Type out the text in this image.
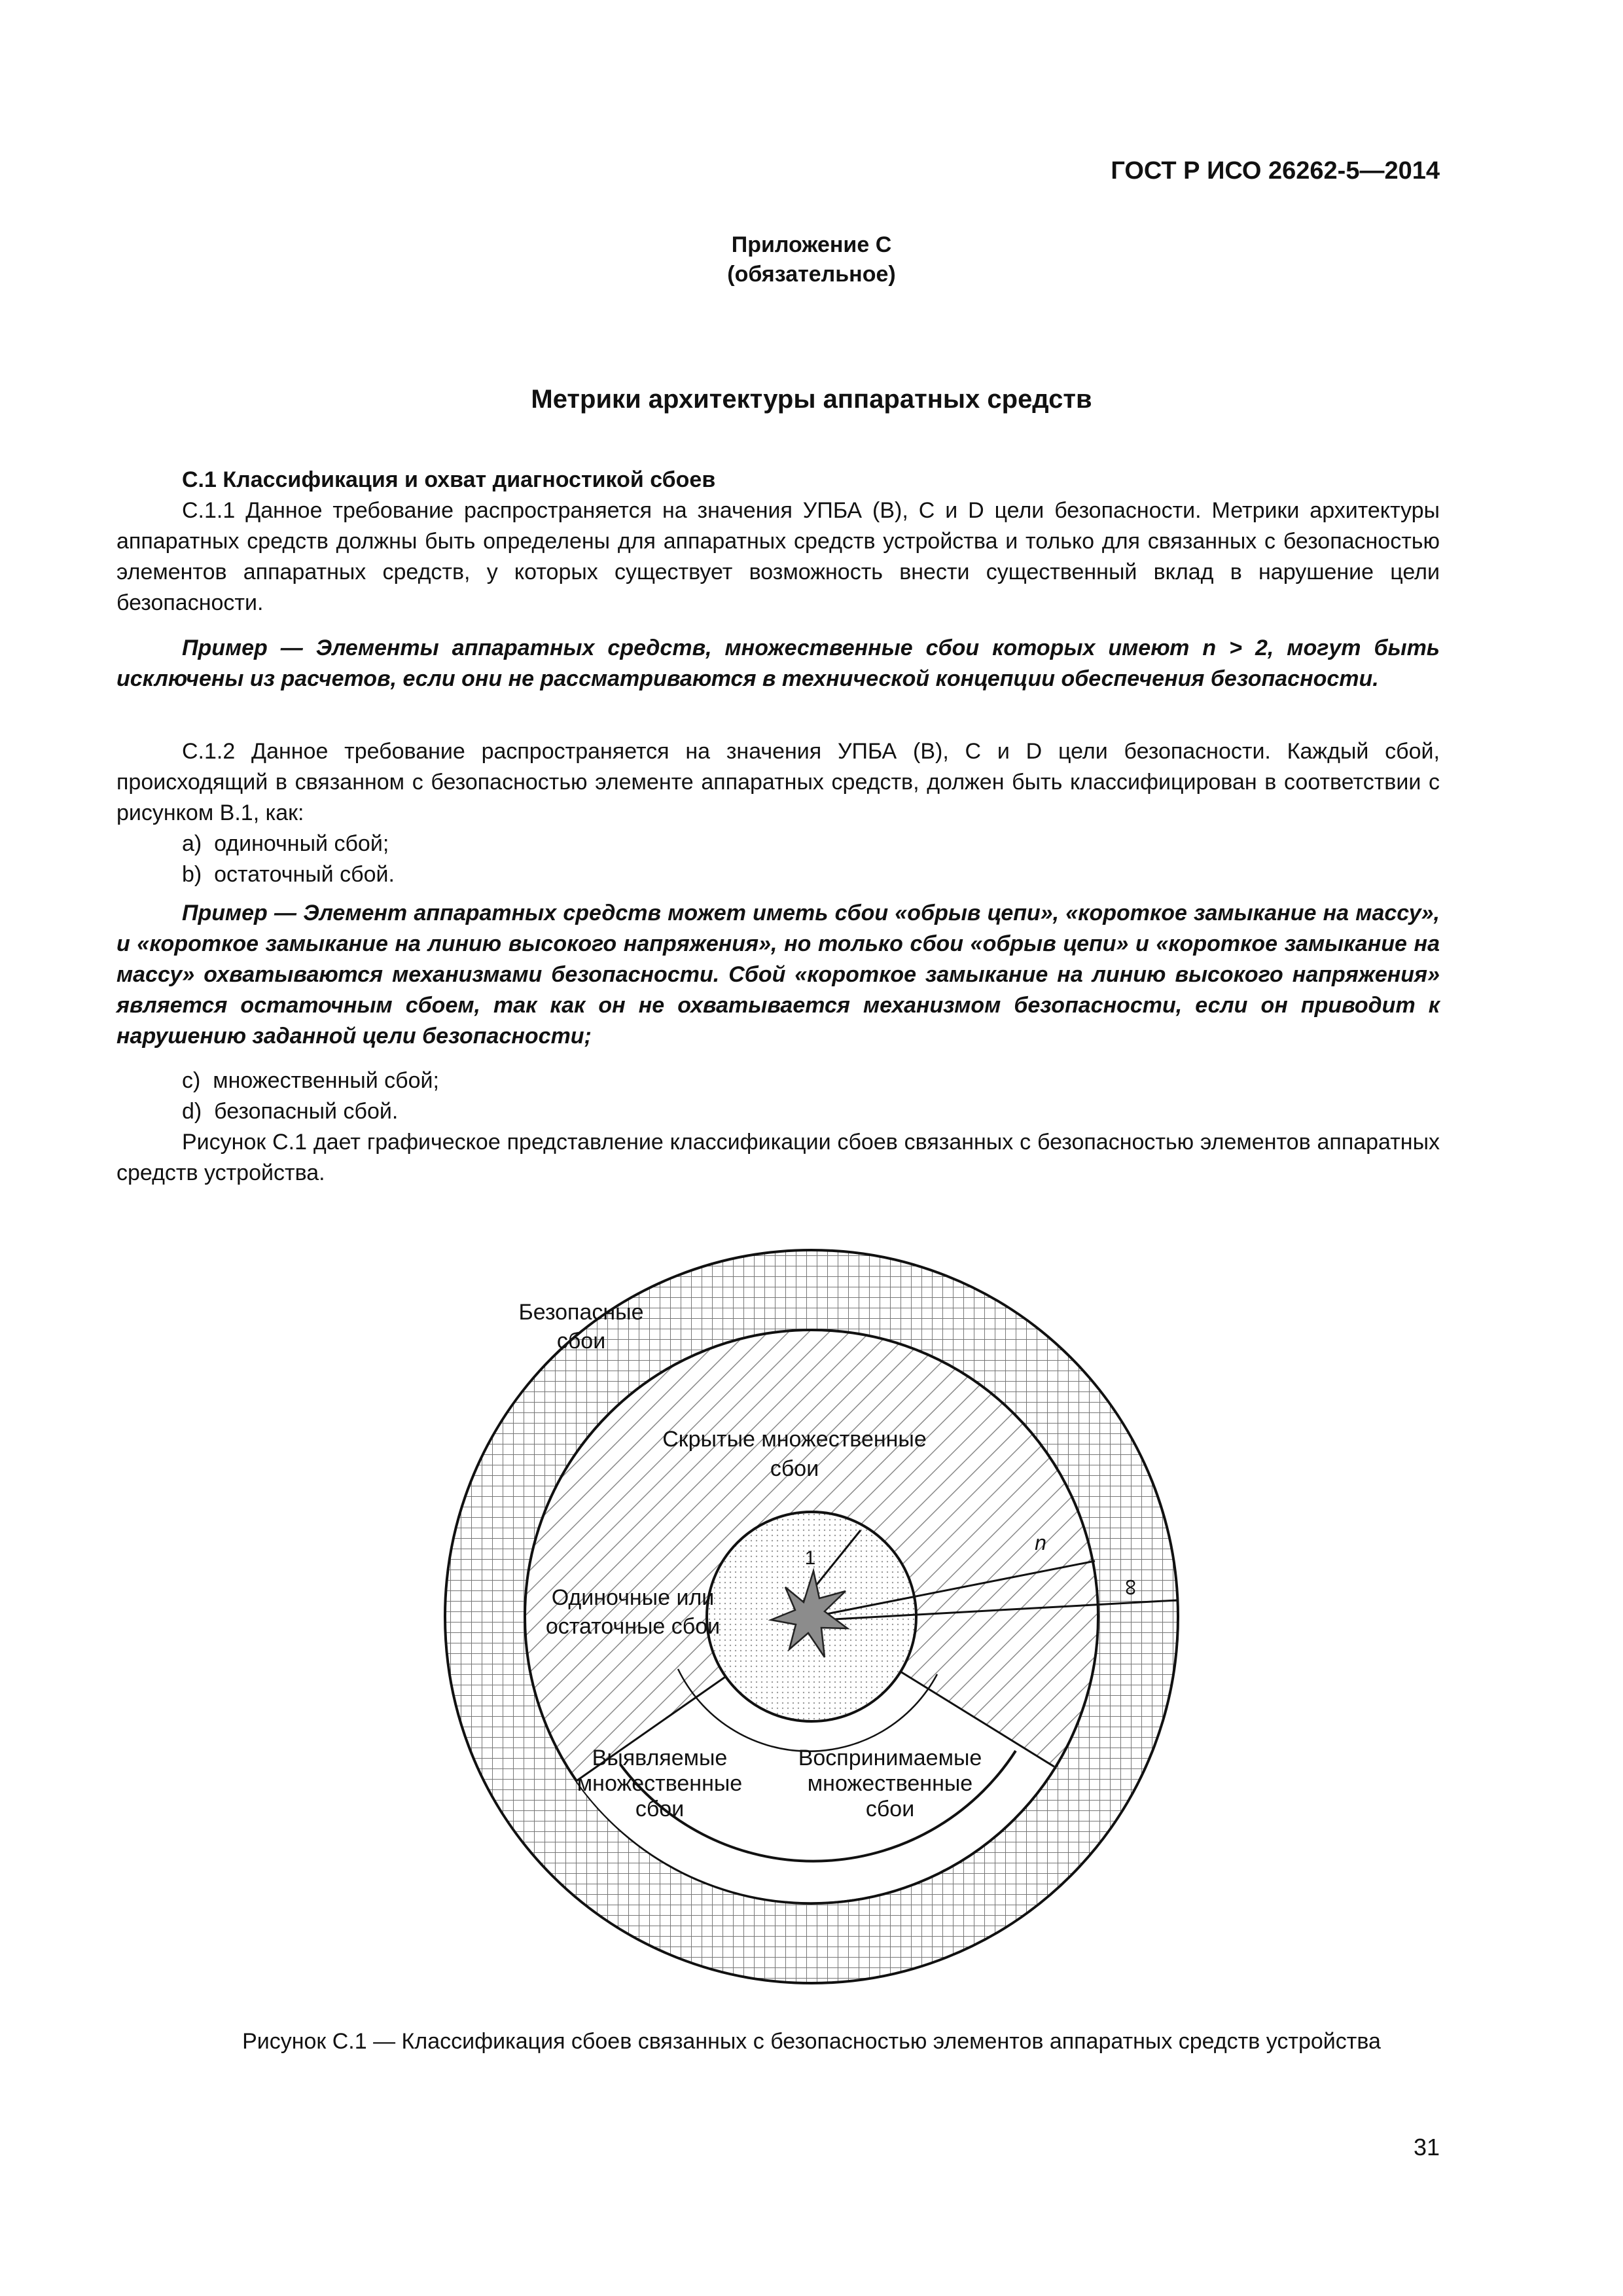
ГОСТ Р ИСО 26262-5—2014
Приложение С
(обязательное)
Метрики архитектуры аппаратных средств
С.1 Классификация и охват диагностикой сбоев
С.1.1 Данное требование распространяется на значения УПБА (В), С и D цели безопасности. Метрики архитектуры аппаратных средств должны быть определены для аппаратных средств устройства и только для связанных с безопасностью элементов аппаратных средств, у которых существует возможность внести существенный вклад в нарушение цели безопасности.
Пример — Элементы аппаратных средств, множественные сбои которых имеют n > 2, могут быть исключены из расчетов, если они не рассматриваются в технической концепции обеспечения безопасности.
С.1.2 Данное требование распространяется на значения УПБА (В), С и D цели безопасности. Каждый сбой, происходящий в связанном с безопасностью элементе аппаратных средств, должен быть классифицирован в соответствии с рисунком В.1, как:
a) одиночный сбой;
b) остаточный сбой.
Пример — Элемент аппаратных средств может иметь сбои «обрыв цепи», «короткое замыкание на массу», и «короткое замыкание на линию высокого напряжения», но только сбои «обрыв цепи» и «короткое замыкание на массу» охватываются механизмами безопасности. Сбой «короткое замыкание на линию высокого напряжения» является остаточным сбоем, так как он не охватывается механизмом безопасности, если он приводит к нарушению заданной цели безопасности;
c) множественный сбой;
d) безопасный сбой.
Рисунок С.1 дает графическое представление классификации сбоев связанных с безопасностью элементов аппаратных средств устройства.
Безопасные
сбои
Скрытые множественные
сбои
Одиночные или
остаточные сбои
Выявляемые
множественные
сбои
Воспринимаемые
множественные
сбои
1
n
∞
Рисунок С.1 — Классификация сбоев связанных с безопасностью элементов аппаратных средств устройства
31
